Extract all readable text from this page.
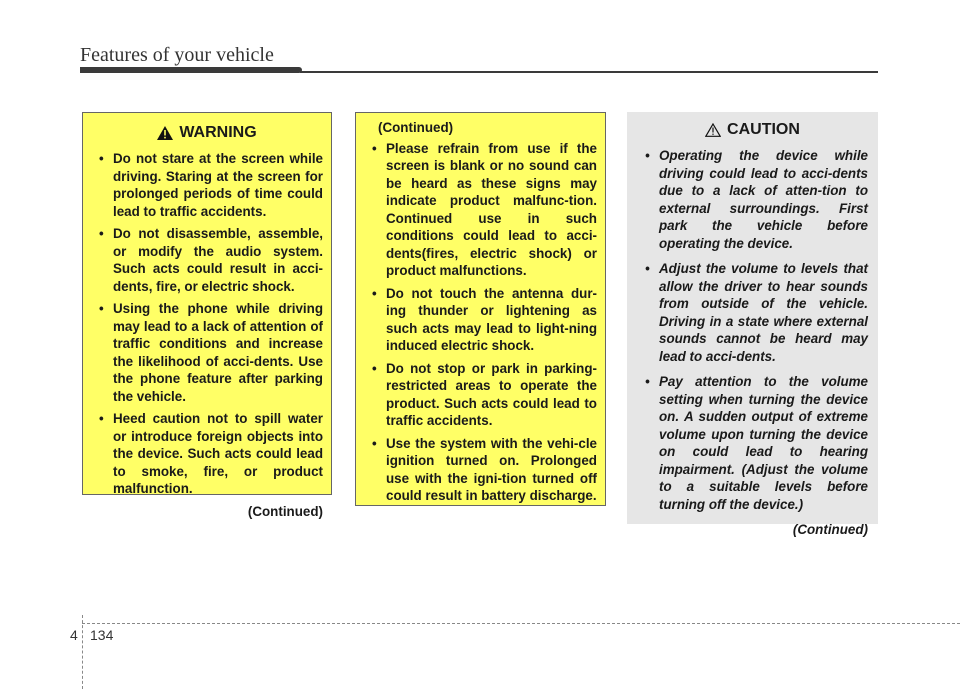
Features of your vehicle
WARNING
• Do not stare at the screen while driving. Staring at the screen for prolonged periods of time could lead to traffic accidents.
• Do not disassemble, assemble, or modify the audio system. Such acts could result in acci-dents, fire, or electric shock.
• Using the phone while driving may lead to a lack of attention of traffic conditions and increase the likelihood of acci-dents. Use the phone feature after parking the vehicle.
• Heed caution not to spill water or introduce foreign objects into the device. Such acts could lead to smoke, fire, or product malfunction.
(Continued)
(Continued)
• Please refrain from use if the screen is blank or no sound can be heard as these signs may indicate product malfunc-tion. Continued use in such conditions could lead to acci-dents(fires, electric shock) or product malfunctions.
• Do not touch the antenna dur-ing thunder or lightening as such acts may lead to light-ning induced electric shock.
• Do not stop or park in parking-restricted areas to operate the product. Such acts could lead to traffic accidents.
• Use the system with the vehi-cle ignition turned on. Prolonged use with the igni-tion turned off could result in battery discharge.
CAUTION
• Operating the device while driving could lead to acci-dents due to a lack of atten-tion to external surroundings. First park the vehicle before operating the device.
• Adjust the volume to levels that allow the driver to hear sounds from outside of the vehicle. Driving in a state where external sounds cannot be heard may lead to acci-dents.
• Pay attention to the volume setting when turning the device on. A sudden output of extreme volume upon turning the device on could lead to hearing impairment. (Adjust the volume to a suitable levels before turning off the device.)
(Continued)
4 134
